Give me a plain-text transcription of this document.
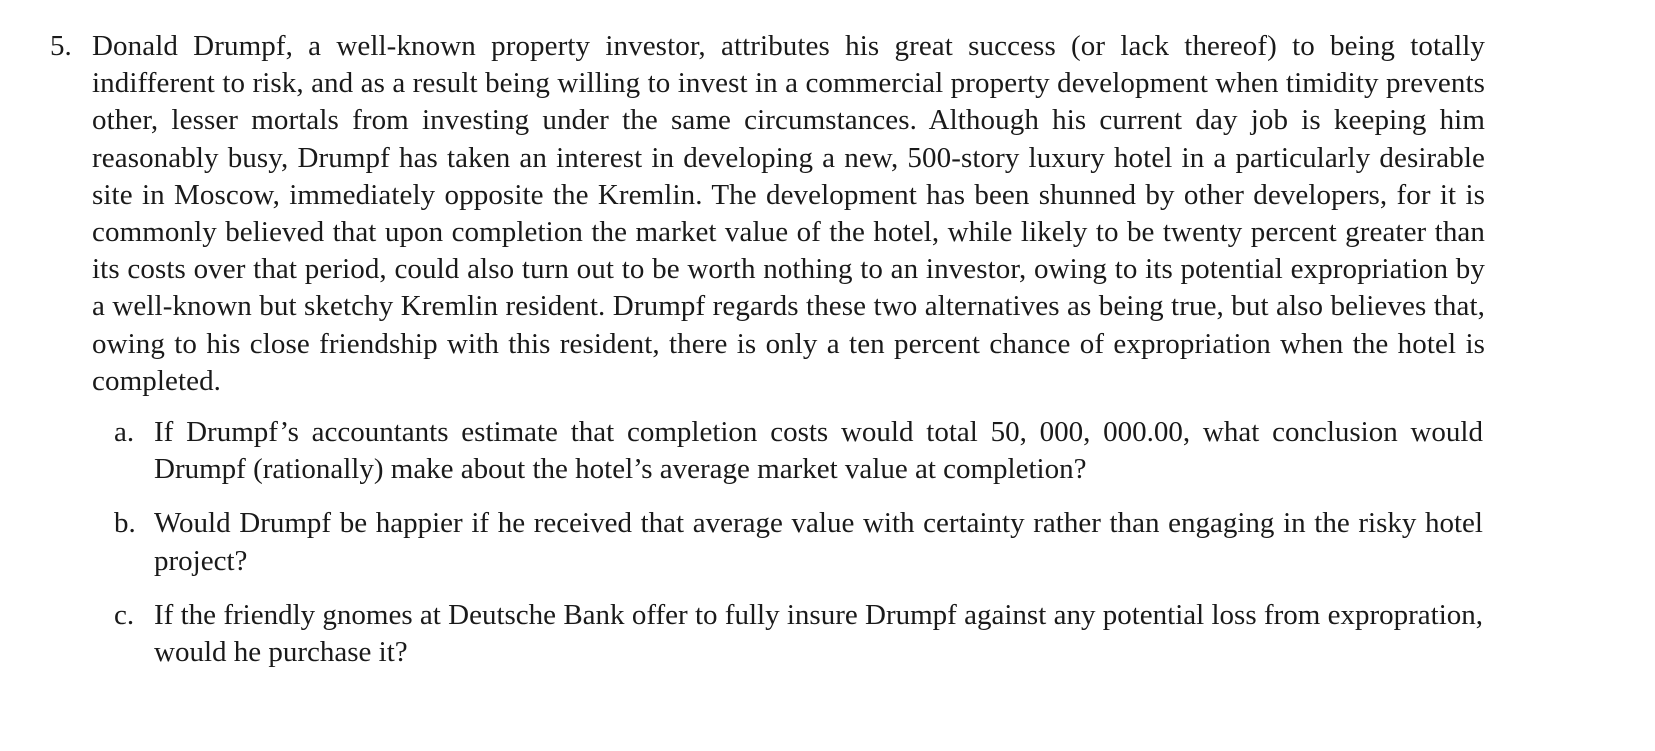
5. Donald Drumpf, a well-known property investor, attributes his great success (or lack thereof) to being totally indifferent to risk, and as a result being willing to invest in a commercial property development when timidity prevents other, lesser mortals from investing under the same circumstances. Although his current day job is keeping him reasonably busy, Drumpf has taken an interest in developing a new, 500-story luxury hotel in a particularly desirable site in Moscow, immediately opposite the Kremlin. The development has been shunned by other developers, for it is commonly believed that upon completion the market value of the hotel, while likely to be twenty percent greater than its costs over that period, could also turn out to be worth nothing to an investor, owing to its potential expropriation by a well-known but sketchy Kremlin resident. Drumpf regards these two alternatives as being true, but also believes that, owing to his close friendship with this resident, there is only a ten percent chance of expropriation when the hotel is completed.
a. If Drumpf’s accountants estimate that completion costs would total 50, 000, 000.00, what conclusion would Drumpf (rationally) make about the hotel’s average market value at completion?
b. Would Drumpf be happier if he received that average value with certainty rather than engaging in the risky hotel project?
c. If the friendly gnomes at Deutsche Bank offer to fully insure Drumpf against any potential loss from expropration, would he purchase it?
